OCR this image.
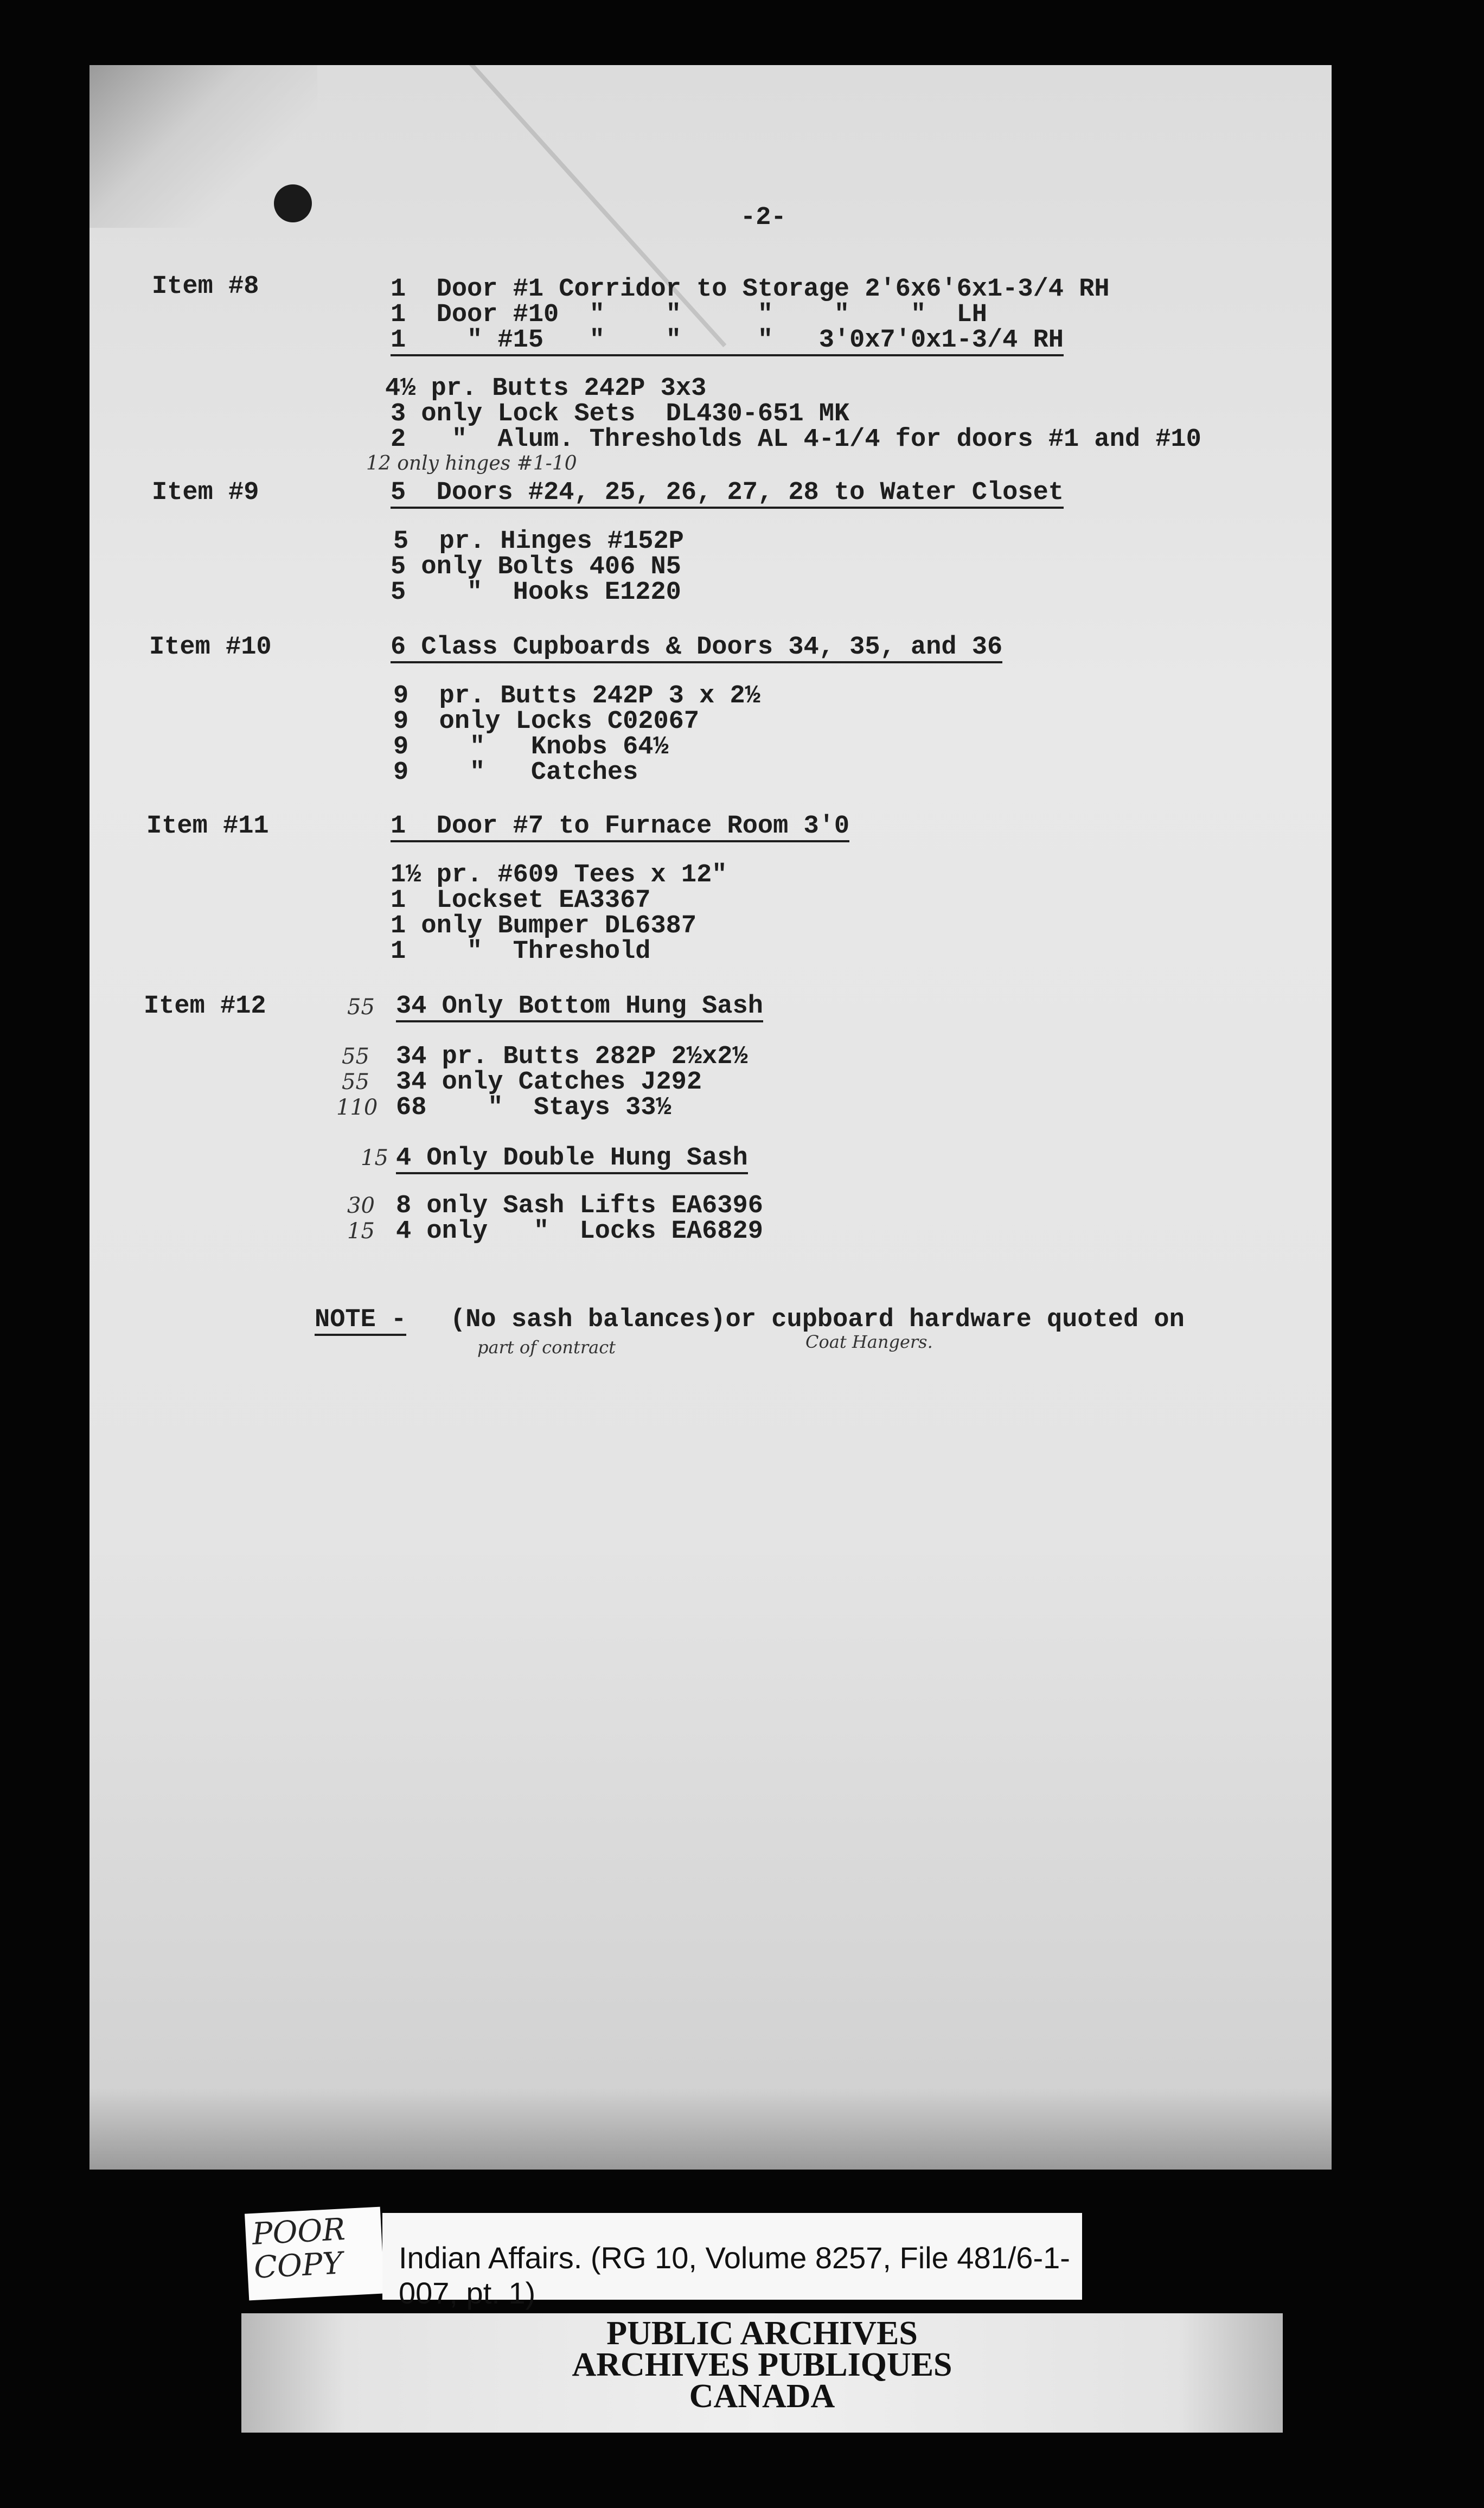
-2-
Item #8	1  Door #1 Corridor to Storage 2'6x6'6x1-3/4 RH
1  Door #10  "    "     "    "    "  LH
1    " #15   "    "     "   3'0x7'0x1-3/4 RH
4½ pr. Butts 242P 3x3
3 only Lock Sets  DL430-651 MK
2   "  Alum. Thresholds AL 4-1/4 for doors #1 and #10
12 only hinges #1-10
Item #9	5  Doors #24, 25, 26, 27, 28 to Water Closet
5  pr. Hinges #152P
5 only Bolts 406 N5
5    "  Hooks E1220
Item #10	6 Class Cupboards & Doors 34, 35, and 36
9  pr. Butts 242P 3 x 2½
9  only Locks C02067
9    "   Knobs 64½
9    "   Catches
Item #11	1  Door #7 to Furnace Room 3'0
1½ pr. #609 Tees x 12"
1  Lockset EA3367
1 only Bumper DL6387
1    "  Threshold
Item #12	55 34 Only Bottom Hung Sash
55 34 pr. Butts 282P 2½x2½
55 34 only Catches J292
110 68    "  Stays 33½
15 4 Only Double Hung Sash
30 8 only Sash Lifts EA6396
15 4 only   "  Locks EA6829
NOTE - (No sash balances)or cupboard hardware quoted on
part of contract	Coat Hangers.
POOR COPY	Indian Affairs. (RG 10, Volume 8257, File 481/6-1-007, pt. 1)
PUBLIC ARCHIVES
ARCHIVES PUBLIQUES
CANADA
